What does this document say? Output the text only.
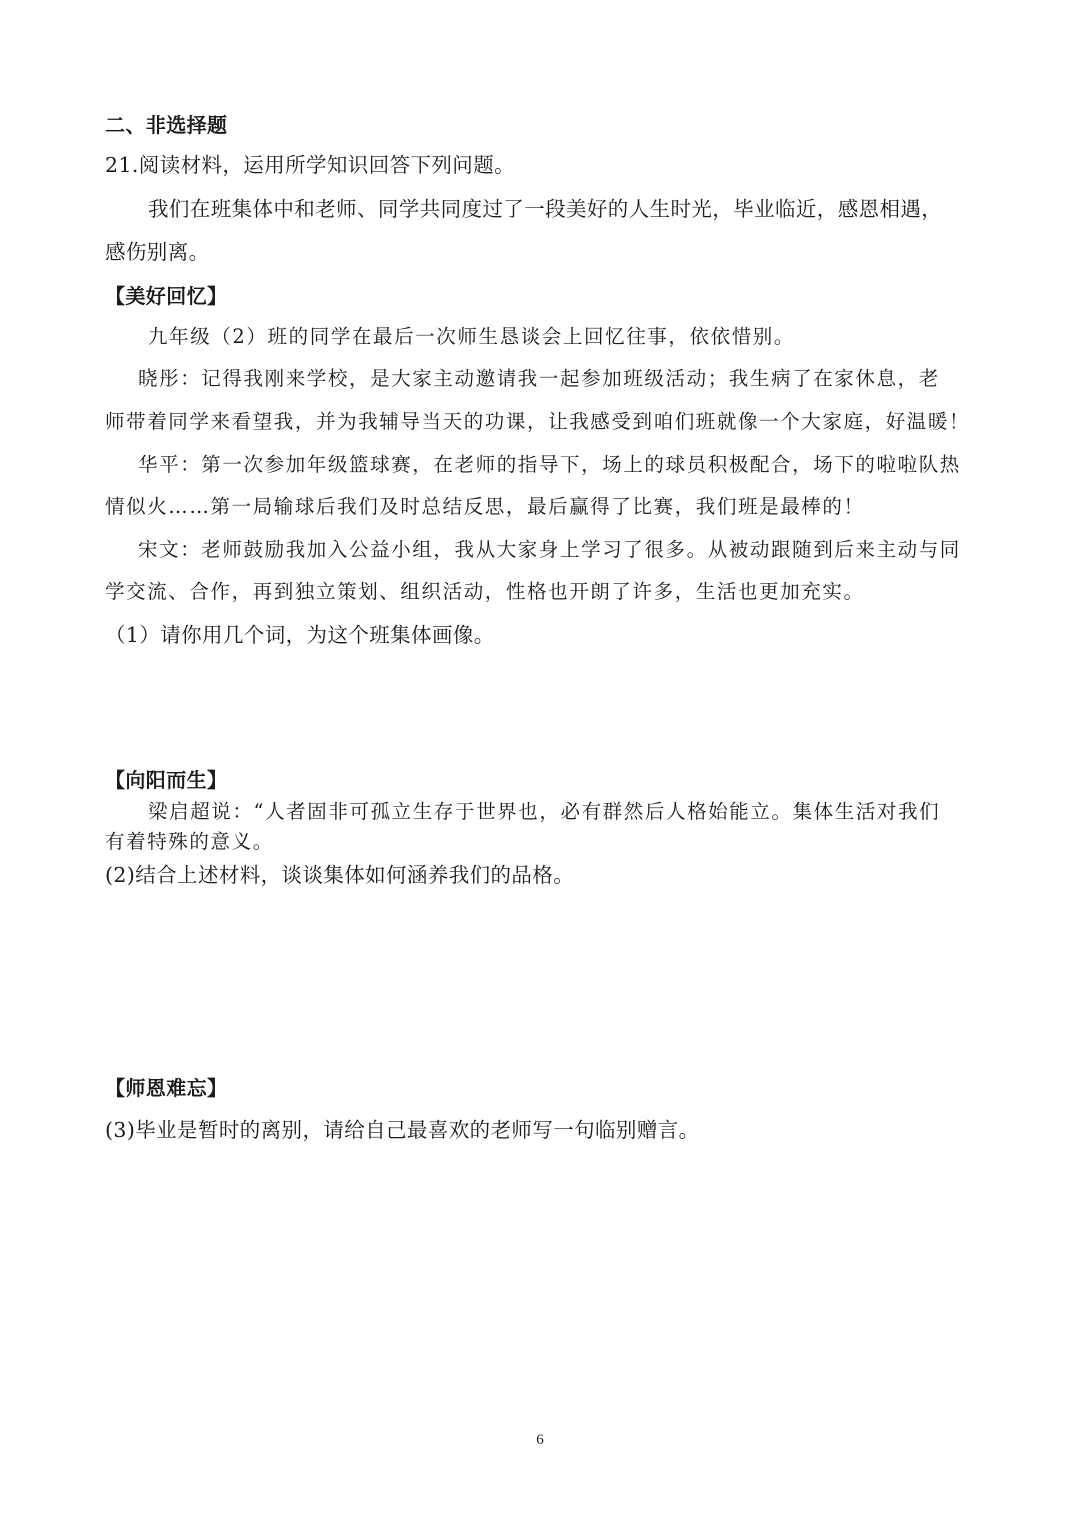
二、非选择题
21.阅读材料，运用所学知识回答下列问题。
我们在班集体中和老师、同学共同度过了一段美好的人生时光，毕业临近，感恩相遇，
感伤别离。
【美好回忆】
九年级（2）班的同学在最后一次师生恳谈会上回忆往事，依依惜别。
晓彤：记得我刚来学校，是大家主动邀请我一起参加班级活动；我生病了在家休息，老
师带着同学来看望我，并为我辅导当天的功课，让我感受到咱们班就像一个大家庭，好温暖！
华平：第一次参加年级篮球赛，在老师的指导下，场上的球员积极配合，场下的啦啦队热
情似火……第一局输球后我们及时总结反思，最后赢得了比赛，我们班是最棒的！
宋文：老师鼓励我加入公益小组，我从大家身上学习了很多。从被动跟随到后来主动与同
学交流、合作，再到独立策划、组织活动，性格也开朗了许多，生活也更加充实。
（1）请你用几个词，为这个班集体画像。
【向阳而生】
梁启超说：“人者固非可孤立生存于世界也，必有群然后人格始能立。集体生活对我们
有着特殊的意义。
(2)结合上述材料，谈谈集体如何涵养我们的品格。
【师恩难忘】
(3)毕业是暂时的离别，请给自己最喜欢的老师写一句临别赠言。
6
